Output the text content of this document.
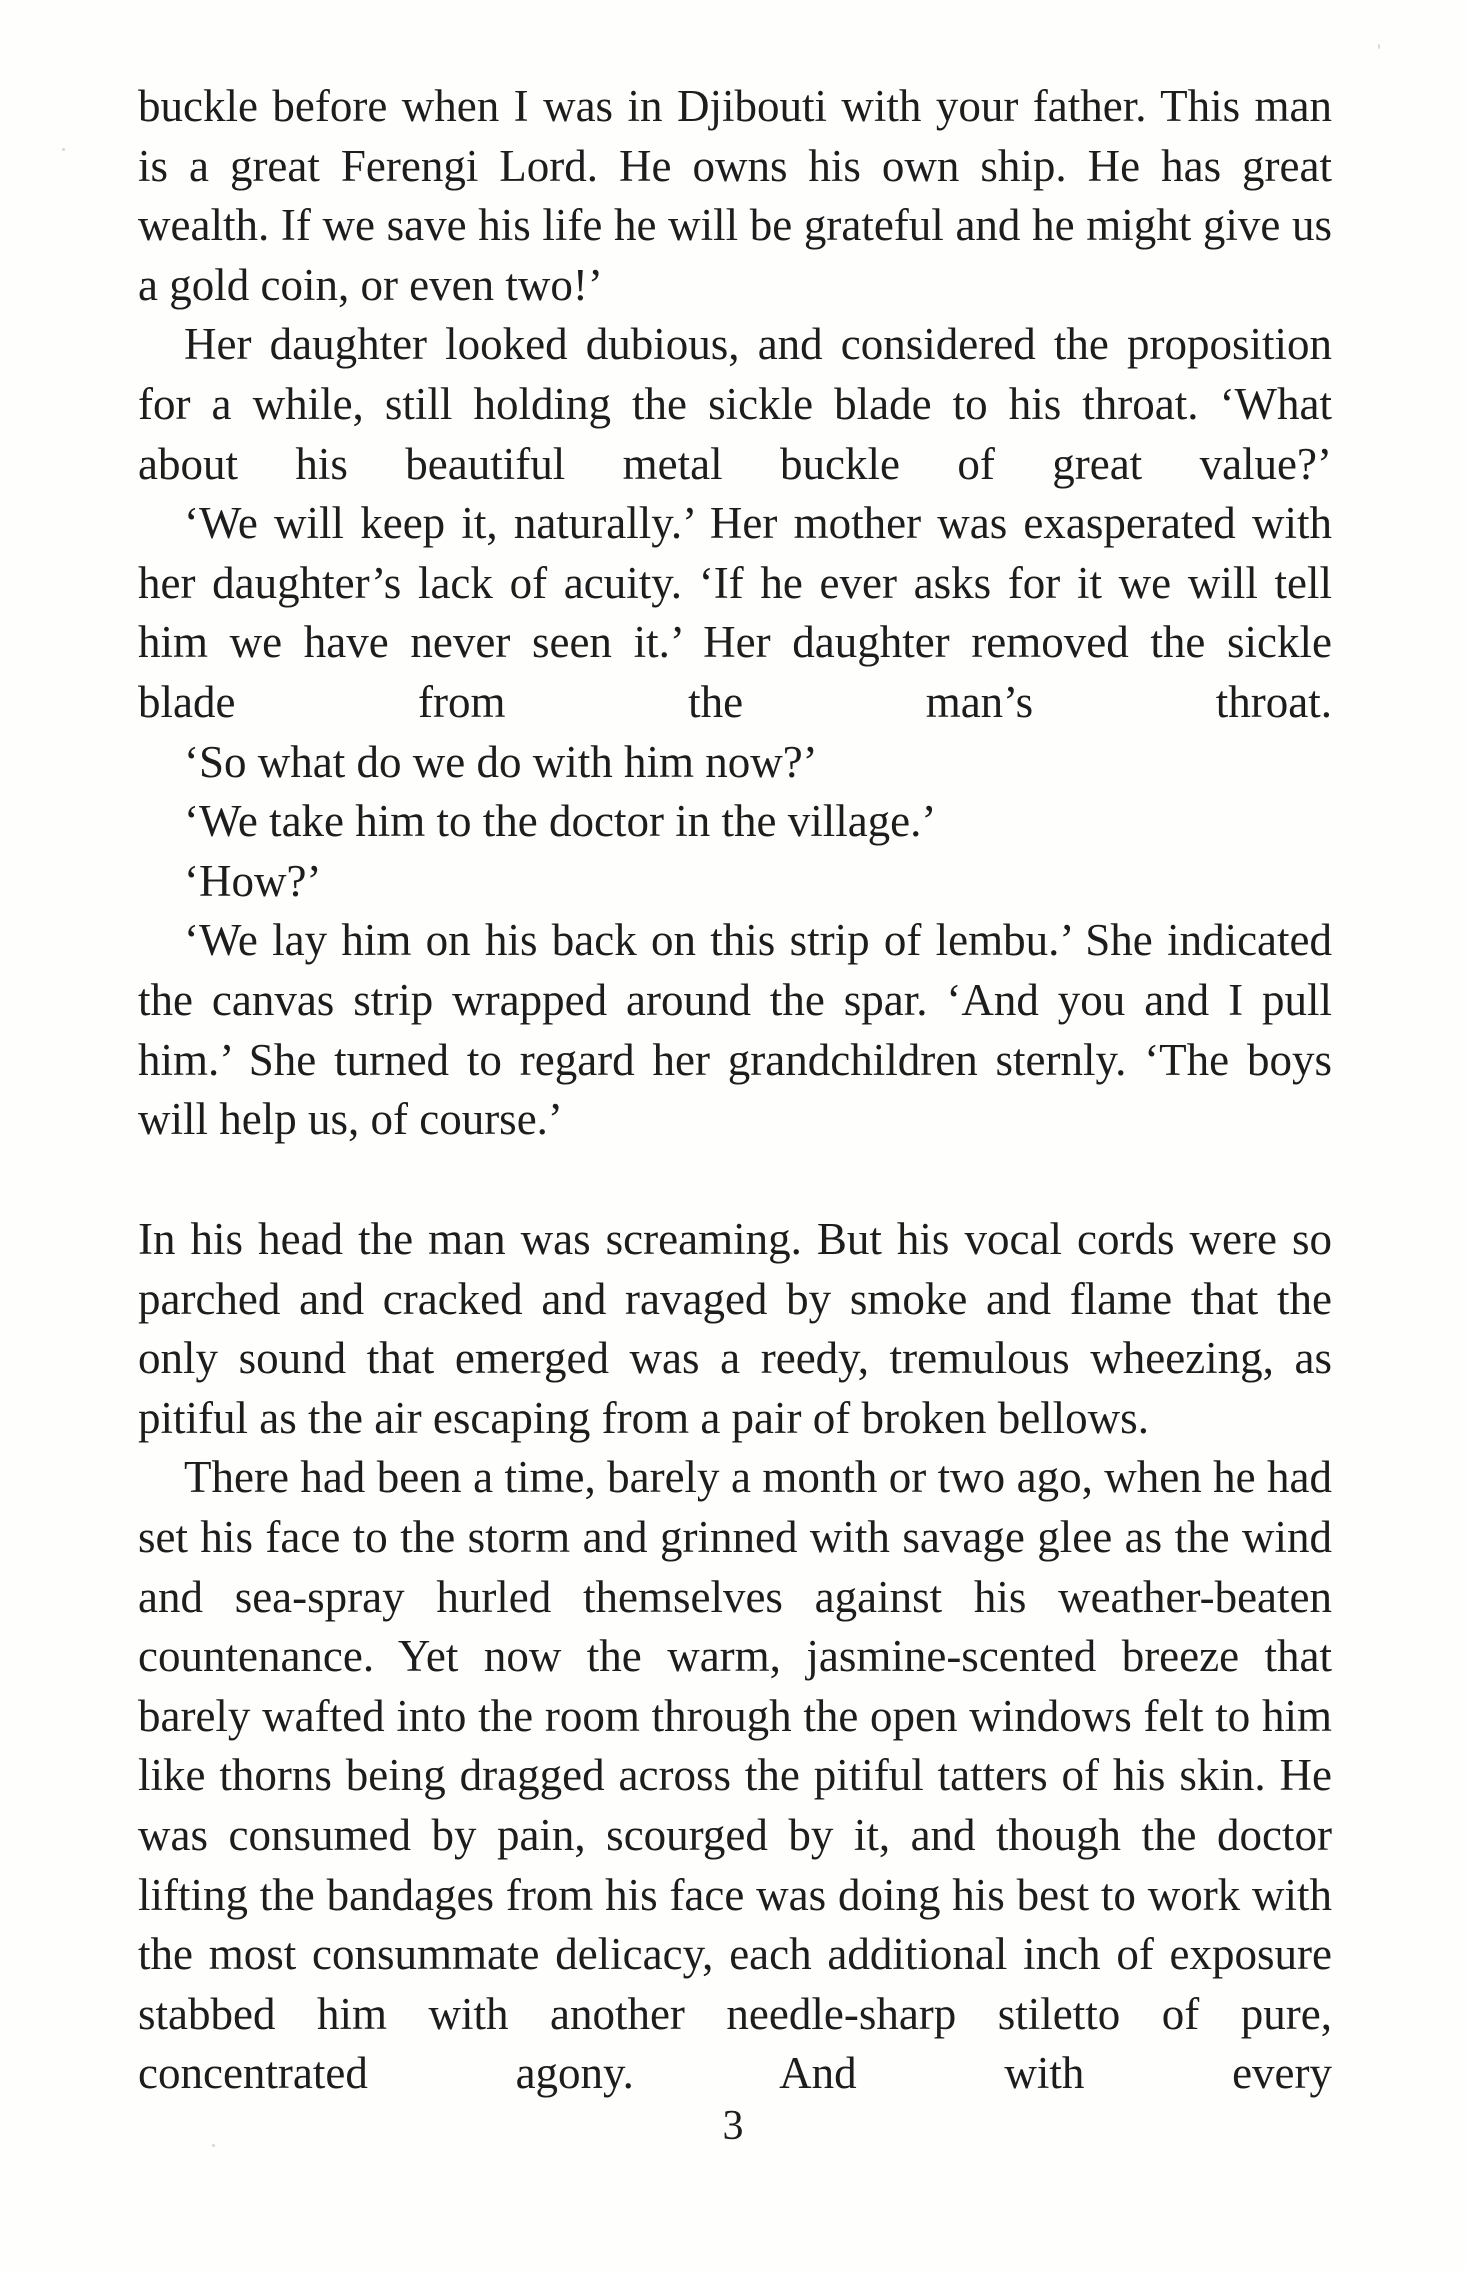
buckle before when I was in Djibouti with your father. This man is a great Ferengi Lord. He owns his own ship. He has great wealth. If we save his life he will be grateful and he might give us a gold coin, or even two!’

Her daughter looked dubious, and considered the proposition for a while, still holding the sickle blade to his throat. ‘What about his beautiful metal buckle of great value?’

‘We will keep it, naturally.’ Her mother was exasperated with her daughter’s lack of acuity. ‘If he ever asks for it we will tell him we have never seen it.’ Her daughter removed the sickle blade from the man’s throat.

‘So what do we do with him now?’

‘We take him to the doctor in the village.’

‘How?’

‘We lay him on his back on this strip of lembu.’ She indicated the canvas strip wrapped around the spar. ‘And you and I pull him.’ She turned to regard her grandchildren sternly. ‘The boys will help us, of course.’

In his head the man was screaming. But his vocal cords were so parched and cracked and ravaged by smoke and flame that the only sound that emerged was a reedy, tremulous wheezing, as pitiful as the air escaping from a pair of broken bellows.

There had been a time, barely a month or two ago, when he had set his face to the storm and grinned with savage glee as the wind and sea-spray hurled themselves against his weather-beaten countenance. Yet now the warm, jasmine-scented breeze that barely wafted into the room through the open windows felt to him like thorns being dragged across the pitiful tatters of his skin. He was consumed by pain, scourged by it, and though the doctor lifting the bandages from his face was doing his best to work with the most consummate delicacy, each additional inch of exposure stabbed him with another needle-sharp stiletto of pure, concentrated agony. And with every

3
